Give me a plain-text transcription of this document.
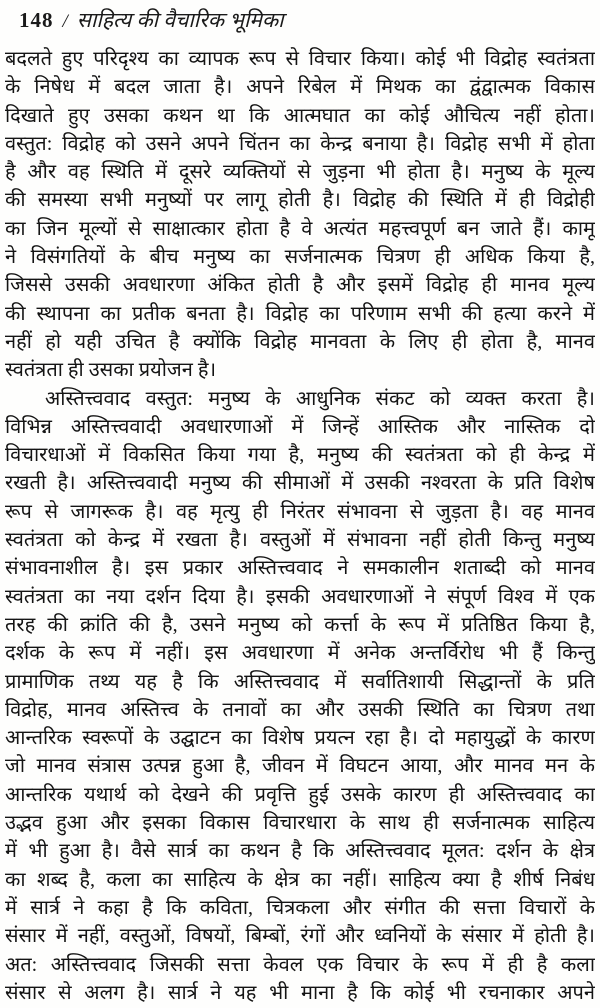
148 / साहित्य की वैचारिक भूमिका
बदलते हुए परिदृश्य का व्यापक रूप से विचार किया। कोई भी विद्रोह स्वतंत्रता
के निषेध में बदल जाता है। अपने रिबेल में मिथक का द्वंद्वात्मक विकास
दिखाते हुए उसका कथन था कि आत्मघात का कोई औचित्य नहीं होता।
वस्तुत: विद्रोह को उसने अपने चिंतन का केन्द्र बनाया है। विद्रोह सभी में होता
है और वह स्थिति में दूसरे व्यक्तियों से जुड़ना भी होता है। मनुष्य के मूल्य
की समस्या सभी मनुष्यों पर लागू होती है। विद्रोह की स्थिति में ही विद्रोही
का जिन मूल्यों से साक्षात्कार होता है वे अत्यंत महत्त्वपूर्ण बन जाते हैं। कामू
ने विसंगतियों के बीच मनुष्य का सर्जनात्मक चित्रण ही अधिक किया है,
जिससे उसकी अवधारणा अंकित होती है और इसमें विद्रोह ही मानव मूल्य
की स्थापना का प्रतीक बनता है। विद्रोह का परिणाम सभी की हत्या करने में
नहीं हो यही उचित है क्योंकि विद्रोह मानवता के लिए ही होता है, मानव
स्वतंत्रता ही उसका प्रयोजन है।
अस्तित्त्ववाद वस्तुत: मनुष्य के आधुनिक संकट को व्यक्त करता है।
विभिन्न अस्तित्त्ववादी अवधारणाओं में जिन्हें आस्तिक और नास्तिक दो
विचारधाओं में विकसित किया गया है, मनुष्य की स्वतंत्रता को ही केन्द्र में
रखती है। अस्तित्त्ववादी मनुष्य की सीमाओं में उसकी नश्वरता के प्रति विशेष
रूप से जागरूक है। वह मृत्यु ही निरंतर संभावना से जुड़ता है। वह मानव
स्वतंत्रता को केन्द्र में रखता है। वस्तुओं में संभावना नहीं होती किन्तु मनुष्य
संभावनाशील है। इस प्रकार अस्तित्त्ववाद ने समकालीन शताब्दी को मानव
स्वतंत्रता का नया दर्शन दिया है। इसकी अवधारणाओं ने संपूर्ण विश्व में एक
तरह की क्रांति की है, उसने मनुष्य को कर्त्ता के रूप में प्रतिष्ठित किया है,
दर्शक के रूप में नहीं। इस अवधारणा में अनेक अन्तर्विरोध भी हैं किन्तु
प्रामाणिक तथ्य यह है कि अस्तित्त्ववाद में सर्वातिशायी सिद्धान्तों के प्रति
विद्रोह, मानव अस्तित्त्व के तनावों का और उसकी स्थिति का चित्रण तथा
आन्तरिक स्वरूपों के उद्घाटन का विशेष प्रयत्न रहा है। दो महायुद्धों के कारण
जो मानव संत्रास उत्पन्न हुआ है, जीवन में विघटन आया, और मानव मन के
आन्तरिक यथार्थ को देखने की प्रवृत्ति हुई उसके कारण ही अस्तित्त्ववाद का
उद्भव हुआ और इसका विकास विचारधारा के साथ ही सर्जनात्मक साहित्य
में भी हुआ है। वैसे सार्त्र का कथन है कि अस्तित्त्ववाद मूलत: दर्शन के क्षेत्र
का शब्द है, कला का साहित्य के क्षेत्र का नहीं। साहित्य क्या है शीर्ष निबंध
में सार्त्र ने कहा है कि कविता, चित्रकला और संगीत की सत्ता विचारों के
संसार में नहीं, वस्तुओं, विषयों, बिम्बों, रंगों और ध्वनियों के संसार में होती है।
अत: अस्तित्त्ववाद जिसकी सत्ता केवल एक विचार के रूप में ही है कला
संसार से अलग है। सार्त्र ने यह भी माना है कि कोई भी रचनाकार अपने
